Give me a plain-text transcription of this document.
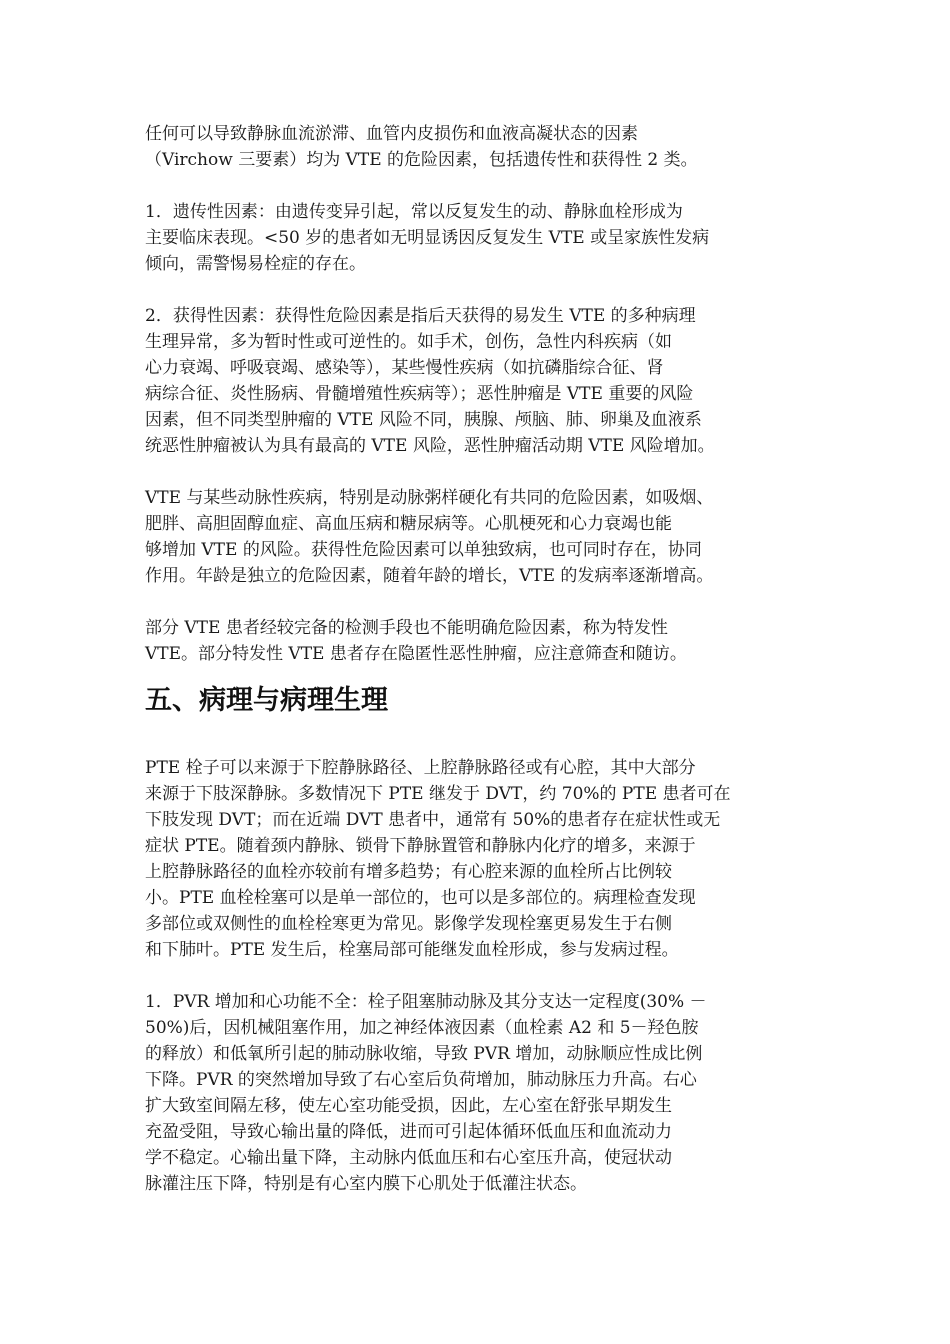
任何可以导致静脉血流淤滞、血管内皮损伤和血液高凝状态的因素
（Virchow 三要素）均为 VTE 的危险因素，包括遗传性和获得性 2 类。

1．遗传性因素：由遗传变异引起，常以反复发生的动、静脉血栓形成为
主要临床表现。<50 岁的患者如无明显诱因反复发生 VTE 或呈家族性发病
倾向，需警惕易栓症的存在。

2．获得性因素：获得性危险因素是指后天获得的易发生 VTE 的多种病理
生理异常，多为暂时性或可逆性的。如手术，创伤，急性内科疾病（如
心力衰竭、呼吸衰竭、感染等），某些慢性疾病（如抗磷脂综合征、肾
病综合征、炎性肠病、骨髓增殖性疾病等）；恶性肿瘤是 VTE 重要的风险
因素，但不同类型肿瘤的 VTE 风险不同，胰腺、颅脑、肺、卵巢及血液系
统恶性肿瘤被认为具有最高的 VTE 风险，恶性肿瘤活动期 VTE 风险增加。

VTE 与某些动脉性疾病，特别是动脉粥样硬化有共同的危险因素，如吸烟、
肥胖、高胆固醇血症、高血压病和糖尿病等。心肌梗死和心力衰竭也能
够增加 VTE 的风险。获得性危险因素可以单独致病，也可同时存在，协同
作用。年龄是独立的危险因素，随着年龄的增长，VTE 的发病率逐渐增高。

部分 VTE 患者经较完备的检测手段也不能明确危险因素，称为特发性
VTE。部分特发性 VTE 患者存在隐匿性恶性肿瘤，应注意筛查和随访。

五、病理与病理生理

PTE 栓子可以来源于下腔静脉路径、上腔静脉路径或有心腔，其中大部分
来源于下肢深静脉。多数情况下 PTE 继发于 DVT，约 70%的 PTE 患者可在
下肢发现 DVT；而在近端 DVT 患者中，通常有 50%的患者存在症状性或无
症状 PTE。随着颈内静脉、锁骨下静脉置管和静脉内化疗的增多，来源于
上腔静脉路径的血栓亦较前有增多趋势；有心腔来源的血栓所占比例较
小。PTE 血栓栓塞可以是单一部位的，也可以是多部位的。病理检查发现
多部位或双侧性的血栓栓寒更为常见。影像学发现栓塞更易发生于右侧
和下肺叶。PTE 发生后，栓塞局部可能继发血栓形成，参与发病过程。

1．PVR 增加和心功能不全：栓子阻塞肺动脉及其分支达一定程度(30% －
50%)后，因机械阻塞作用，加之神经体液因素（血栓素 A2 和 5－羟色胺
的释放）和低氧所引起的肺动脉收缩，导致 PVR 增加，动脉顺应性成比例
下降。PVR 的突然增加导致了右心室后负荷增加，肺动脉压力升高。右心
扩大致室间隔左移，使左心室功能受损，因此，左心室在舒张早期发生
充盈受阻，导致心输出量的降低，进而可引起体循环低血压和血流动力
学不稳定。心输出量下降，主动脉内低血压和右心室压升高，使冠状动
脉灌注压下降，特别是有心室内膜下心肌处于低灌注状态。
